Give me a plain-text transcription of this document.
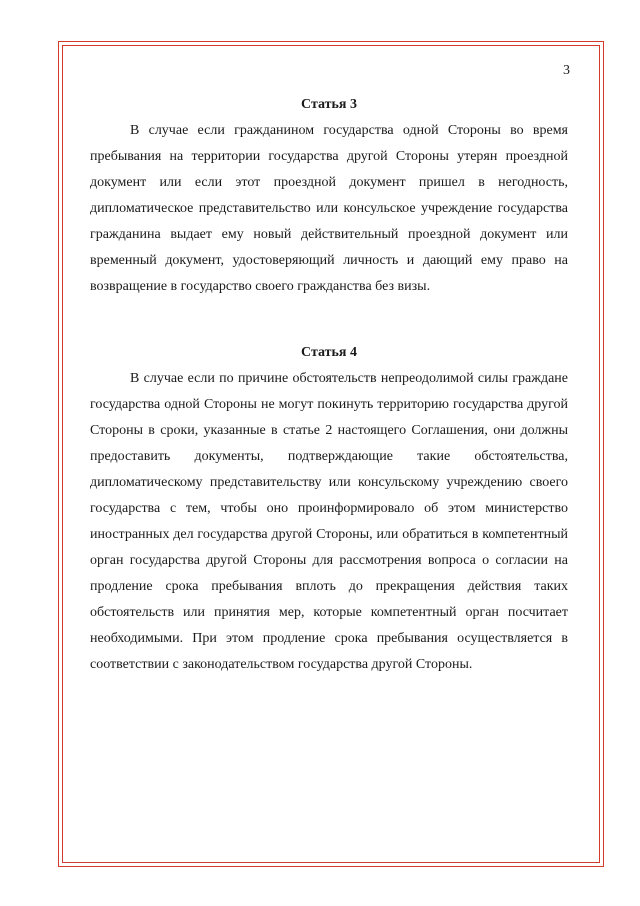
3
Статья 3

В случае если гражданином государства одной Стороны во время пребывания на территории государства другой Стороны утерян проездной документ или если этот проездной документ пришел в негодность, дипломатическое представительство или консульское учреждение государства гражданина выдает ему новый действительный проездной документ или временный документ, удостоверяющий личность и дающий ему право на возвращение в государство своего гражданства без визы.

Статья 4

В случае если по причине обстоятельств непреодолимой силы граждане государства одной Стороны не могут покинуть территорию государства другой Стороны в сроки, указанные в статье 2 настоящего Соглашения, они должны предоставить документы, подтверждающие такие обстоятельства, дипломатическому представительству или консульскому учреждению своего государства с тем, чтобы оно проинформировало об этом министерство иностранных дел государства другой Стороны, или обратиться в компетентный орган государства другой Стороны для рассмотрения вопроса о согласии на продление срока пребывания вплоть до прекращения действия таких обстоятельств или принятия мер, которые компетентный орган посчитает необходимыми. При этом продление срока пребывания осуществляется в соответствии с законодательством государства другой Стороны.
